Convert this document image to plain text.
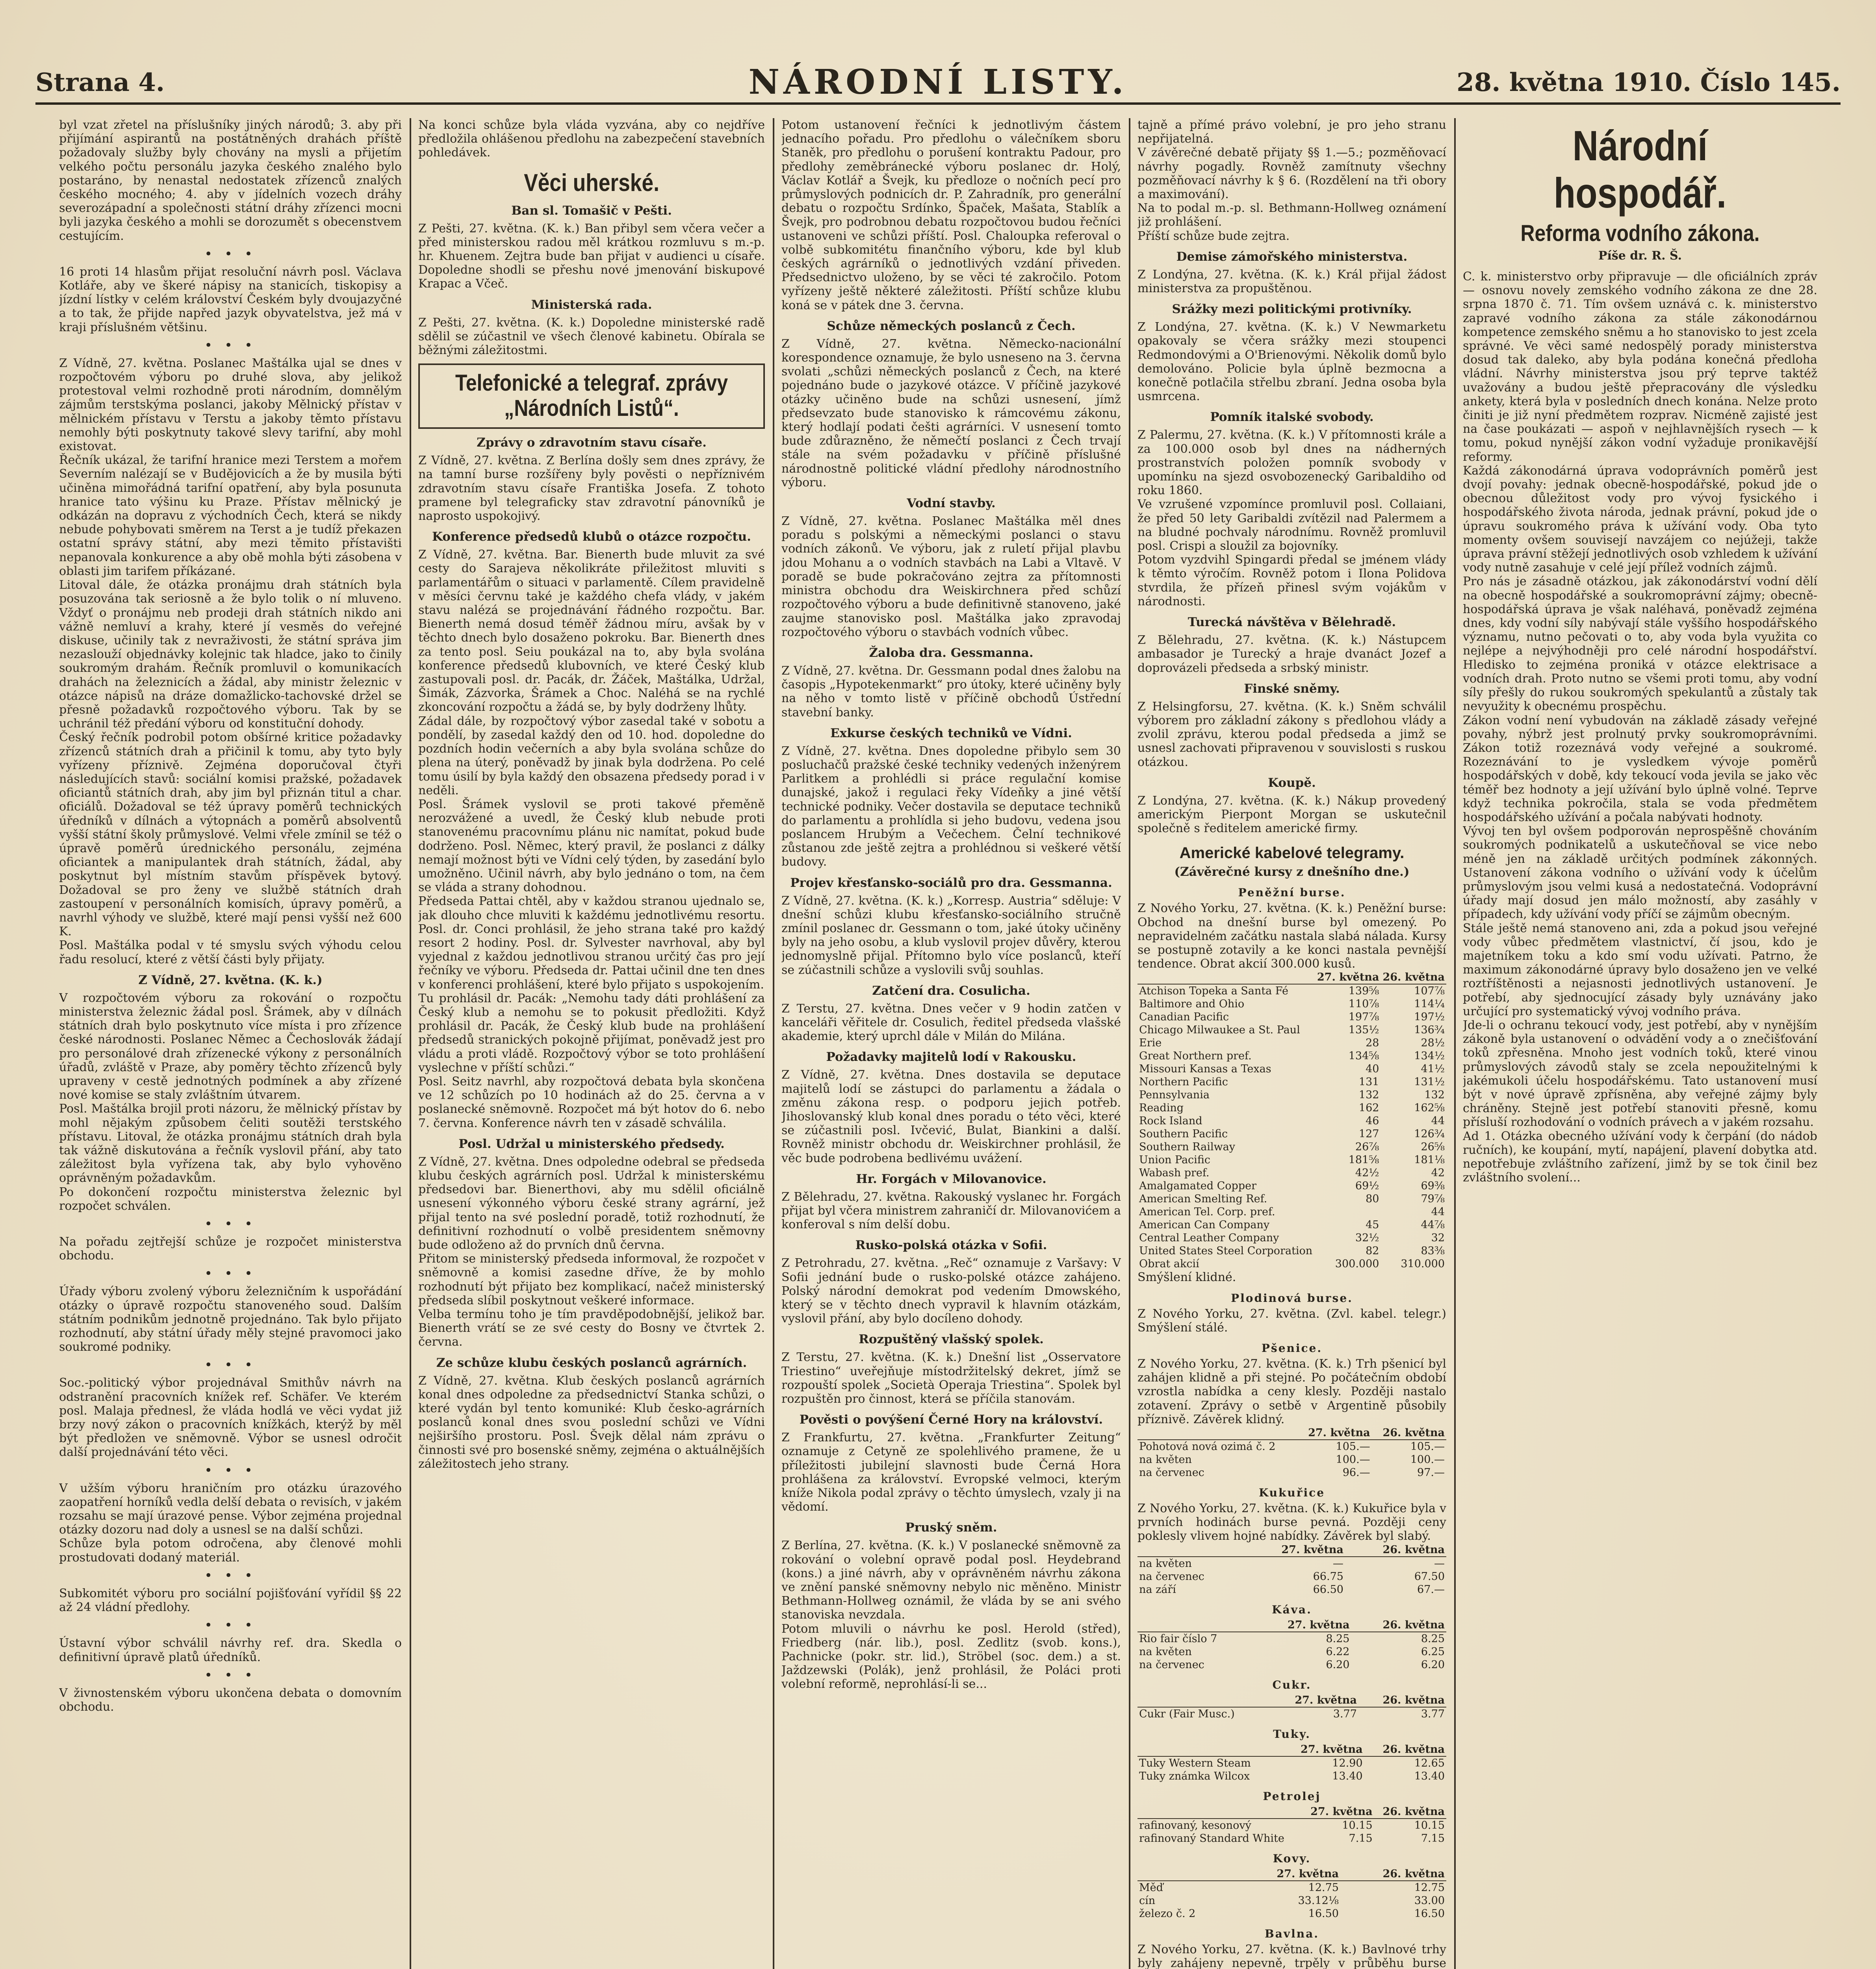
Strana 4.	NÁRODNÍ LISTY.	28. května 1910. Číslo 145.

byl vzat zřetel na příslušníky jiných národů; 3. aby při přijímání aspirantů na postátněných drahách příště požadovaly služby byly chovány na mysli a přijetím velkého počtu personálu jazyka českého znalého bylo postaráno, by nenastal nedostatek zřízenců znalých českého mocného; 4. aby v jídelních vozech dráhy severozápadní a společnosti státní dráhy zřízenci mocni byli jazyka českého a mohli se dorozumět s obecenstvem cestujícím.

• • •

16 proti 14 hlasům přijat resoluční návrh posl. Václava Kotláře, aby ve škeré nápisy na stanicích, tiskopisy a jízdní lístky v celém království Českém byly dvoujazyčné a to tak, že přijde napřed jazyk obyvatelstva, jež má v kraji příslušném většinu.

• • •

Z Vídně, 27. května. Poslanec Maštálka ujal se dnes v rozpočtovém výboru po druhé slova, aby jelikož protestoval velmi rozhodně proti národním, domnělým zájmům terstskýma poslanci, jakoby Mělnický přístav v mělnickém přístavu v Terstu a jakoby těmto přístavu nemohly býti poskytnuty takové slevy tarifní, aby mohl existovat.

Řečník ukázal, že tarifní hranice mezi Terstem a mořem Severním nalézají se v Budějovicích a že by musila býti učiněna mimořádná tarifní opatření, aby byla posunuta hranice tato výšinu ku Praze. Přístav mělnický je odkázán na dopravu z východních Čech, která se nikdy nebude pohybovati směrem na Terst a je tudíž překazen ostatní správy státní, aby mezi těmito přístavišti nepanovala konkurence a aby obě mohla býti zásobena v oblasti jim tarifem příkázané.

Litoval dále, že otázka pronájmu drah státních byla posuzována tak seriosně a že bylo tolik o ní mluveno. Vždyť o pronájmu neb prodeji drah státních nikdo ani vážně nemluví a krahy, které jí vesměs do veřejné diskuse, učinily tak z nevraživosti, že státní správa jim nezaslouží objednávky kolejnic tak hladce, jako to činily soukromým drahám. Řečník promluvil o komunikacích drahách na železnicích a žádal, aby ministr železnic v otázce nápisů na dráze domažlicko-tachovské držel se přesně požadavků rozpočtového výboru. Tak by se uchránil též předání výboru od konstituční dohody.

Český řečník podrobil potom obšírné kritice požadavky zřízenců státních drah a přičinil k tomu, aby tyto byly vyřízeny příznivě. Zejména doporučoval čtyři následujících stavů: sociální komisi pražské, požadavek oficiantů státních drah, aby jim byl přiznán titul a char. oficiálů. Dožadoval se též úpravy poměrů technických úředníků v dílnách a výtopnách a poměrů absolventů vyšší státní školy průmyslové. Velmi vřele zmínil se též o úpravě poměrů úrednického personálu, zejména oficiantek a manipulantek drah státních, žádal, aby poskytnut byl místním stavům příspěvek bytový. Dožadoval se pro ženy ve službě státních drah zastoupení v personálních komisích, úpravy poměrů, a navrhl výhody ve službě, které mají pensi vyšší než 600 K.

Posl. Maštálka podal v té smyslu svých výhodu celou řadu resolucí, které z větší části byly přijaty.

Z Vídně, 27. května. (K. k.)

V rozpočtovém výboru za rokování o rozpočtu ministerstva železnic žádal posl. Šrámek, aby v dílnách státních drah bylo poskytnuto více místa i pro zřízence české národnosti. Poslanec Němec a Čechoslovák žádají pro personálové drah zřízenecké výkony z personálních úřadů, zvláště v Praze, aby poměry těchto zřízenců byly upraveny v cestě jednotných podmínek a aby zřízené nové komise se staly zvláštním útvarem.

Posl. Maštálka brojil proti názoru, že mělnický přístav by mohl nějakým způsobem čeliti soutěži terstského přístavu. Litoval, že otázka pronájmu státních drah byla tak vážně diskutována a řečník vyslovil přání, aby tato záležitost byla vyřízena tak, aby bylo vyhověno oprávněným požadavkům.

Po dokončení rozpočtu ministerstva železnic byl rozpočet schválen.

• • •

Na pořadu zejtřejší schůze je rozpočet ministerstva obchodu.

• • •

Úřady výboru zvolený výboru železničním k uspořádání otázky o úpravě rozpočtu stanoveného soud. Dalším státním podnikům jednotně projednáno. Tak bylo přijato rozhodnutí, aby státní úřady měly stejné pravomoci jako soukromé podniky.

• • •

Soc.-politický výbor projednával Smithův návrh na odstranění pracovních knížek ref. Schäfer. Ve kterém posl. Malaja přednesl, že vláda hodlá ve věci vydat již brzy nový zákon o pracovních knížkách, kterýž by měl být předložen ve sněmovně. Výbor se usnesl odročit další projednávání této věci.

• • •

V užším výboru hraničním pro otázku úrazového zaopatření horníků vedla delší debata o revisích, v jakém rozsahu se mají úrazové pense. Výbor zejména projednal otázky dozoru nad doly a usnesl se na další schůzi.

Schůze byla potom odročena, aby členové mohli prostudovati dodaný materiál.

• • •

Subkomitét výboru pro sociální pojišťování vyřídil §§ 22 až 24 vládní předlohy.

• • •

Ústavní výbor schválil návrhy ref. dra. Skedla o definitivní úpravě platů úředníků.

• • •

V živnostenském výboru ukončena debata o domovním obchodu.

Na konci schůze byla vláda vyzvána, aby co nejdříve předložila ohlášenou předlohu na zabezpečení stavebních pohledávek.

Věci uherské.
Ban sl. Tomašič v Pešti.

Z Pešti, 27. května. (K. k.) Ban přibyl sem včera večer a před ministerskou radou měl krátkou rozmluvu s m.-p. hr. Khuenem. Zejtra bude ban přijat v audienci u císaře. Dopoledne shodli se přeshu nové jmenování biskupové Krapac a Včeč.

Ministerská rada.

Z Pešti, 27. května. (K. k.) Dopoledne ministerské radě sdělil se zúčastnil ve všech členové kabinetu. Obírala se běžnými záležitostmi.

Telefonické a telegraf. zprávy „Národních Listů“.
Zprávy o zdravotním stavu císaře.

Z Vídně, 27. května. Z Berlína došly sem dnes zprávy, že na tamní burse rozšířeny byly pověsti o nepříznivém zdravotním stavu císaře Františka Josefa. Z tohoto pramene byl telegraficky stav zdravotní pánovníků je naprosto uspokojivý.

Konference předsedů klubů o otázce rozpočtu.

Z Vídně, 27. května. Bar. Bienerth bude mluvit za své cesty do Sarajeva několikráte přiležitost mluviti s parlamentářům o situaci v parlamentě. Cílem pravidelně v měsíci červnu také je každého chefa vlády, v jakém stavu nalézá se projednávání řádného rozpočtu. Bar. Bienerth nemá dosud téměř žádnou míru, avšak by v těchto dnech bylo dosaženo pokroku. Bar. Bienerth dnes za tento posl. Seiu poukázal na to, aby byla svolána konference předsedů klubovních, ve které Český klub zastupovali posl. dr. Pacák, dr. Žáček, Maštálka, Udržal, Šimák, Zázvorka, Šrámek a Choc. Naléhá se na rychlé zkoncování rozpočtu a žádá se, by byly dodrženy lhůty.

Zádal dále, by rozpočtový výbor zasedal také v sobotu a pondělí, by zasedal každý den od 10. hod. dopoledne do pozdních hodin večerních a aby byla svolána schůze do plena na úterý, poněvadž by jinak byla dodržena. Po celé tomu úsilí by byla každý den obsazena předsedy porad i v neděli.

Posl. Šrámek vyslovil se proti takové přeměně nerozvážené a uvedl, že Český klub nebude proti stanovenému pracovnímu plánu nic namítat, pokud bude dodrženo. Posl. Němec, který pravil, že poslanci z dálky nemají možnost býti ve Vídni celý týden, by zasedání bylo umožněno. Učinil návrh, aby bylo jednáno o tom, na čem se vláda a strany dohodnou.

Předseda Pattai chtěl, aby v každou stranou ujednalo se, jak dlouho chce mluviti k každému jednotlivému resortu. Posl. dr. Conci prohlásil, že jeho strana také pro každý resort 2 hodiny. Posl. dr. Sylvester navrhoval, aby byl vyjednal z každou jednotlivou stranou určitý čas pro její řečníky ve výboru. Předseda dr. Pattai učinil dne ten dnes v konferenci prohlášení, které bylo přijato s uspokojením.

Tu prohlásil dr. Pacák: „Nemohu tady dáti prohlášení za Český klub a nemohu se to pokusit předložiti. Když prohlásil dr. Pacák, že Český klub bude na prohlášení předsedů stranických pokojně přijímat, poněvadž jest pro vládu a proti vládě. Rozpočtový výbor se toto prohlášení vyslechne v příští schůzi.“

Posl. Seitz navrhl, aby rozpočtová debata byla skončena ve 12 schůzích po 10 hodinách až do 25. června a v poslanecké sněmovně. Rozpočet má být hotov do 6. nebo 7. června. Konference návrh ten v zásadě schválila.

Posl. Udržal u ministerského předsedy.

Z Vídně, 27. května. Dnes odpoledne odebral se předseda klubu českých agrárních posl. Udržal k ministerskému předsedovi bar. Bienerthovi, aby mu sdělil oficiálně usnesení výkonného výboru české strany agrární, jež přijal tento na své poslední poradě, totiž rozhodnutí, že definitivní rozhodnutí o volbě presidentem sněmovny bude odloženo až do prvních dnů června.

Přitom se ministerský předseda informoval, že rozpočet v sněmovně a komisi zasedne dříve, že by mohlo rozhodnutí být přijato bez komplikací, načež ministerský předseda slíbil poskytnout veškeré informace.

Velba termínu toho je tím pravděpodobnější, jelikož bar. Bienerth vrátí se ze své cesty do Bosny ve čtvrtek 2. června.

Ze schůze klubu českých poslanců agrárních.

Z Vídně, 27. května. Klub českých poslanců agrárních konal dnes odpoledne za předsednictví Stanka schůzi, o které vydán byl tento komuniké: Klub česko-agrárních poslanců konal dnes svou poslední schůzi ve Vídni nejširšího prostoru. Posl. Švejk dělal nám zprávu o činnosti své pro bosenské sněmy, zejména o aktuálnějších záležitostech jeho strany.

Potom ustanovení řečníci k jednotlivým částem jednacího pořadu. Pro předlohu o válečníkem sboru Staněk, pro předlohu o porušení kontraktu Padour, pro předlohy zeměbránecké výboru poslanec dr. Holý, Václav Kotlář a Švejk, ku předloze o nočních pecí pro průmyslových podnicích dr. P. Zahradník, pro generální debatu o rozpočtu Srdínko, Špaček, Mašata, Stablík a Švejk, pro podrobnou debatu rozpočtovou budou řečníci ustanoveni ve schůzi příští. Posl. Chaloupka referoval o volbě subkomitétu finančního výboru, kde byl klub českých agrárníků o jednotlivých vzdání přiveden. Předsednictvo uloženo, by se věci té zakročilo. Potom vyřízeny ještě některé záležitosti. Příští schůze klubu koná se v pátek dne 3. června.

Schůze německých poslanců z Čech.

Z Vídně, 27. května. Německo-nacionální korespondence oznamuje, že bylo usneseno na 3. června svolati „schůzi německých poslanců z Čech, na které pojednáno bude o jazykové otázce. V příčině jazykové otázky učiněno bude na schůzi usnesení, jímž předsevzato bude stanovisko k rámcovému zákonu, který hodlají podati češti agrárníci. V usnesení tomto bude zdůrazněno, že němečtí poslanci z Čech trvají stále na svém požadavku v příčině příslušné národnostně politické vládní předlohy národnostního výboru.

Vodní stavby.

Z Vídně, 27. května. Poslanec Maštálka měl dnes poradu s polskými a německými poslanci o stavu vodních zákonů. Ve výboru, jak z ruletí přijal plavbu jdou Mohanu a o vodních stavbách na Labi a Vltavě. V poradě se bude pokračováno zejtra za přítomnosti ministra obchodu dra Weiskirchnera před schůzí rozpočtového výboru a bude definitivně stanoveno, jaké zaujme stanovisko posl. Maštálka jako zpravodaj rozpočtového výboru o stavbách vodních vůbec.

Žaloba dra. Gessmanna.

Z Vídně, 27. května. Dr. Gessmann podal dnes žalobu na časopis „Hypotekenmarkt“ pro útoky, které učiněny byly na něho v tomto listě v příčině obchodů Ústřední stavební banky.

Exkurse českých techniků ve Vídni.

Z Vídně, 27. května. Dnes dopoledne přibylo sem 30 posluchačů pražské české techniky vedených inženýrem Parlitkem a prohlédli si práce regulační komise dunajské, jakož i regulaci řeky Vídeňky a jiné větší technické podniky. Večer dostavila se deputace techniků do parlamentu a prohlídla si jeho budovu, vedena jsou poslancem Hrubým a Večechem. Čelní technikové zůstanou zde ještě zejtra a prohlédnou si veškeré větší budovy.

Projev křesťansko-sociálů pro dra. Gessmanna.

Z Vídně, 27. května. (K. k.) „Korresp. Austria“ sděluje: V dnešní schůzi klubu křesťansko-sociálního stručně zmínil poslanec dr. Gessmann o tom, jaké útoky učiněny byly na jeho osobu, a klub vyslovil projev důvěry, kterou jednomyslně přijal. Přítomno bylo více poslanců, kteří se zúčastnili schůze a vyslovili svůj souhlas.

Zatčení dra. Cosulicha.

Z Terstu, 27. května. Dnes večer v 9 hodin zatčen v kanceláři věřitele dr. Cosulich, ředitel předseda vlašské akademie, který uprchl dále v Milán do Milána.

Požadavky majitelů lodí v Rakousku.

Z Vídně, 27. května. Dnes dostavila se deputace majitelů lodí se zástupci do parlamentu a žádala o změnu zákona resp. o podporu jejich potřeb. Jihoslovanský klub konal dnes poradu o této věci, které se zúčastnili posl. Ivčević, Bulat, Biankini a další. Rovněž ministr obchodu dr. Weiskirchner prohlásil, že věc bude podrobena bedlivému uvážení.

Hr. Forgách v Milovanovice.

Z Bělehradu, 27. května. Rakouský vyslanec hr. Forgách přijat byl včera ministrem zahraničí dr. Milovanovićem a konferoval s ním delší dobu.

Rusko-polská otázka v Sofii.

Z Petrohradu, 27. května. „Reč“ oznamuje z Varšavy: V Sofii jednání bude o rusko-polské otázce zahájeno. Polský národní demokrat pod vedením Dmowského, který se v těchto dnech vypravil k hlavním otázkám, vyslovil přání, aby bylo docíleno dohody.

Rozpuštěný vlašský spolek.

Z Terstu, 27. května. (K. k.) Dnešní list „Osservatore Triestino“ uveřejňuje místodržitelský dekret, jímž se rozpouští spolek „Società Operaja Triestina“. Spolek byl rozpuštěn pro činnost, která se příčila stanovám.

Pověsti o povýšení Černé Hory na království.

Z Frankfurtu, 27. května. „Frankfurter Zeitung“ oznamuje z Cetyně ze spolehlivého pramene, že u příležitosti jubilejní slavnosti bude Černá Hora prohlášena za království. Evropské velmoci, kterým kníže Nikola podal zprávy o těchto úmyslech, vzaly ji na vědomí.

Pruský sněm.

Z Berlína, 27. května. (K. k.) V poslanecké sněmovně za rokování o volební opravě podal posl. Heydebrand (kons.) a jiné návrh, aby v oprávněném návrhu zákona ve znění panské sněmovny nebylo nic měněno. Ministr Bethmann-Hollweg oznámil, že vláda by se ani svého stanoviska nevzdala.

Potom mluvili o návrhu ke posl. Herold (střed), Friedberg (nár. lib.), posl. Zedlitz (svob. kons.), Pachnicke (pokr. str. lid.), Ströbel (soc. dem.) a st. Jaždzewski (Polák), jenž prohlásil, že Poláci proti volební reformě, neprohlásí-li se...

tajně a přímé právo volební, je pro jeho stranu nepřijatelná.

V závěrečné debatě přijaty §§ 1.—5.; pozměňovací návrhy pogadly. Rovněž zamítnuty všechny pozměňovací návrhy k § 6. (Rozdělení na tři obory a maximování).

Na to podal m.-p. sl. Bethmann-Hollweg oznámení již prohlášení.

Příští schůze bude zejtra.

Demise zámořského ministerstva.

Z Londýna, 27. května. (K. k.) Král přijal žádost ministerstva za propuštěnou.

Srážky mezi politickými protivníky.

Z Londýna, 27. května. (K. k.) V Newmarketu opakovaly se včera srážky mezi stoupenci Redmondovými a O'Brienovými. Několik domů bylo demolováno. Policie byla úplně bezmocna a konečně potlačila střelbu zbraní. Jedna osoba byla usmrcena.

Pomník italské svobody.

Z Palermu, 27. května. (K. k.) V přítomnosti krále a za 100.000 osob byl dnes na nádherných prostranstvích položen pomník svobody v upomínku na sjezd osvobozenecký Garibaldiho od roku 1860.

Ve vzrušené vzpomínce promluvil posl. Collaiani, že před 50 lety Garibaldi zvítězil nad Palermem a na bludné pochvaly národnímu. Rovněž promluvil posl. Crispi a sloužil za bojovníky.

Potom vyzdvihl Spingardi předal se jménem vlády k těmto výročím. Rovněž potom i Ilona Polidova stvrdila, že přízeň přinesl svým vojákům v národnosti.

Turecká návštěva v Bělehradě.

Z Bělehradu, 27. května. (K. k.) Nástupcem ambasador je Turecký a hraje dvanáct Jozef a doprovázeli předseda a srbský ministr.

Finské sněmy.

Z Helsingforsu, 27. května. (K. k.) Sněm schválil výborem pro základní zákony s předlohou vlády a zvolil zprávu, kterou podal předseda a jimž se usnesl zachovati připravenou v souvislosti s ruskou otázkou.

Koupě.

Z Londýna, 27. května. (K. k.) Nákup provedený americkým Pierpont Morgan se uskutečnil společně s ředitelem americké firmy.

Americké kabelové telegramy.
(Závěrečné kursy z dnešního dne.)
Peněžní burse.

Z Nového Yorku, 27. května. (K. k.) Peněžní burse: Obchod na dnešní burse byl omezený. Po nepravidelném začátku nastala slabá nálada. Kursy se postupně zotavily a ke konci nastala pevnější tendence. Obrat akcií 300.000 kusů.

	27. května	26. května
Atchison Topeka a Santa Fé	139⅝	107⅞
Baltimore and Ohio	110⅞	114¼
Canadian Pacific	197⅞	197½
Chicago Milwaukee a St. Paul	135½	136¾
Erie	28	28½
Great Northern pref.	134⅝	134½
Missouri Kansas a Texas	40	41½
Northern Pacific	131	131½
Pennsylvania	132	132
Reading	162	162⅝
Rock Island	46	44
Southern Pacific	127	126¾
Southern Railway	26⅞	26⅝
Union Pacific	181⅝	181⅛
Wabash pref.	42½	42
Amalgamated Copper	69½	69⅜
American Smelting Ref.	80	79⅞
American Tel. Corp. pref.		44
American Can Company	45	44⅞
Central Leather Company	32½	32
United States Steel Corporation	82	83⅜
Obrat akcií	300.000	310.000

Smýšlení klidné.

Plodinová burse.

Z Nového Yorku, 27. května. (Zvl. kabel. telegr.) Smýšlení stálé.

Pšenice.

Z Nového Yorku, 27. května. (K. k.) Trh pšenicí byl zahájen klidně a při stejné. Po počátečním období vzrostla nabídka a ceny klesly. Později nastalo zotavení. Zprávy o setbě v Argentině působily příznivě. Závěrek klidný.

	27. května	26. května
Pohotová nová ozimá č. 2	105.—	105.—
na květen	100.—	100.—
na červenec	96.—	97.—
Kukuřice

Z Nového Yorku, 27. května. (K. k.) Kukuřice byla v prvních hodinách burse pevná. Později ceny poklesly vlivem hojné nabídky. Závěrek byl slabý.

	27. května	26. května
na květen	—	—
na červenec	66.75	67.50
na září	66.50	67.—
Káva.
	27. května	26. května
Rio fair číslo 7	8.25	8.25
na květen	6.22	6.25
na červenec	6.20	6.20
Cukr.
	27. května	26. května
Cukr (Fair Musc.)	3.77	3.77
Tuky.
	27. května	26. května
Tuky Western Steam	12.90	12.65
Tuky známka Wilcox	13.40	13.40
Petrolej
	27. května	26. května
rafinovaný, kesonový	10.15	10.15
rafinovaný Standard White	7.15	7.15
Kovy.
	27. května	26. května
Měď	12.75	12.75
cín	33.12⅛	33.00
železo č. 2	16.50	16.50
Bavlna.

Z Nového Yorku, 27. května. (K. k.) Bavlnové trhy byly zahájeny nepevně, trpěly v průběhu burse

Národní hospodář.
Reforma vodního zákona.
Píše dr. R. Š.

C. k. ministerstvo orby připravuje — dle oficiálních zpráv — osnovu novely zemského vodního zákona ze dne 28. srpna 1870 č. 71. Tím ovšem uznává c. k. ministerstvo zapravé vodního zákona za stále zákonodárnou kompetence zemského sněmu a ho stanovisko to jest zcela správné. Ve věci samé nedospělý porady ministerstva dosud tak daleko, aby byla podána konečná předloha vládní. Návrhy ministerstva jsou prý teprve taktéž uvažovány a budou ještě přepracovány dle výsledku ankety, která byla v posledních dnech konána. Nelze proto činiti je již nyní předmětem rozprav. Nicméně zajisté jest na čase poukázati — aspoň v nejhlavnějších rysech — k tomu, pokud nynější zákon vodní vyžaduje pronikavější reformy.

Každá zákonodárná úprava vodoprávních poměrů jest dvojí povahy: jednak obecně-hospodářské, pokud jde o obecnou důležitost vody pro vývoj fysického i hospodářského života národa, jednak právní, pokud jde o úpravu soukromého práva k užívání vody. Oba tyto momenty ovšem souvisejí navzájem co nejúžeji, takže úprava právní stěžejí jednotlivých osob vzhledem k užívání vody nutně zasahuje v celé její přílež vodních zájmů.

Pro nás je zásadně otázkou, jak zákonodárství vodní dělí na obecně hospodářské a soukromoprávní zájmy; obecně-hospodářská úprava je však naléhavá, poněvadž zejména dnes, kdy vodní síly nabývají stále vyššího hospodářského významu, nutno pečovati o to, aby voda byla využita co nejlépe a nejvýhodněji pro celé národní hospodářství. Hledisko to zejména proniká v otázce elektrisace a vodních drah. Proto nutno se všemi proti tomu, aby vodní síly přešly do rukou soukromých spekulantů a zůstaly tak nevyužity k obecnému prospěchu.

Zákon vodní není vybudován na základě zásady veřejné povahy, nýbrž jest prolnutý prvky soukromoprávními. Zákon totiž rozeznává vody veřejné a soukromé. Rozeznávání to je vysledkem vývoje poměrů hospodářských v době, kdy tekoucí voda jevila se jako věc téměř bez hodnoty a její užívání bylo úplně volné. Teprve když technika pokročila, stala se voda předmětem hospodářského užívání a počala nabývati hodnoty.

Vývoj ten byl ovšem podporován neprospěšně chováním soukromých podnikatelů a uskutečňoval se vice nebo méně jen na základě určitých podmínek zákonných. Ustanovení zákona vodního o užívání vody k účelům průmyslovým jsou velmi kusá a nedostatečná. Vodoprávní úřady mají dosud jen málo možností, aby zasáhly v případech, kdy užívání vody příčí se zájmům obecným.

Stále ještě nemá stanoveno ani, zda a pokud jsou veřejné vody vůbec předmětem vlastnictví, čí jsou, kdo je majetníkem toku a kdo smí vodu užívati. Patrno, že maximum zákonodárné úpravy bylo dosaženo jen ve velké roztříštěnosti a nejasnosti jednotlivých ustanovení. Je potřebí, aby sjednocující zásady byly uznávány jako určující pro systematický vývoj vodního práva.

Jde-li o ochranu tekoucí vody, jest potřebí, aby v nynějším zákoně byla ustanovení o odvádění vody a o znečišťování toků zpřesněna. Mnoho jest vodních toků, které vinou průmyslových závodů staly se zcela nepoužitelnými k jakémukoli účelu hospodářskému. Tato ustanovení musí být v nové úpravě zpřísněna, aby veřejné zájmy byly chráněny. Stejně jest potřebí stanoviti přesně, komu přísluší rozhodování o vodních právech a v jakém rozsahu.

Ad 1. Otázka obecného užívání vody k čerpání (do nádob ručních), ke koupání, mytí, napájení, plavení dobytka atd. nepotřebuje zvláštního zařízení, jimž by se tok činil bez zvláštního svolení...
